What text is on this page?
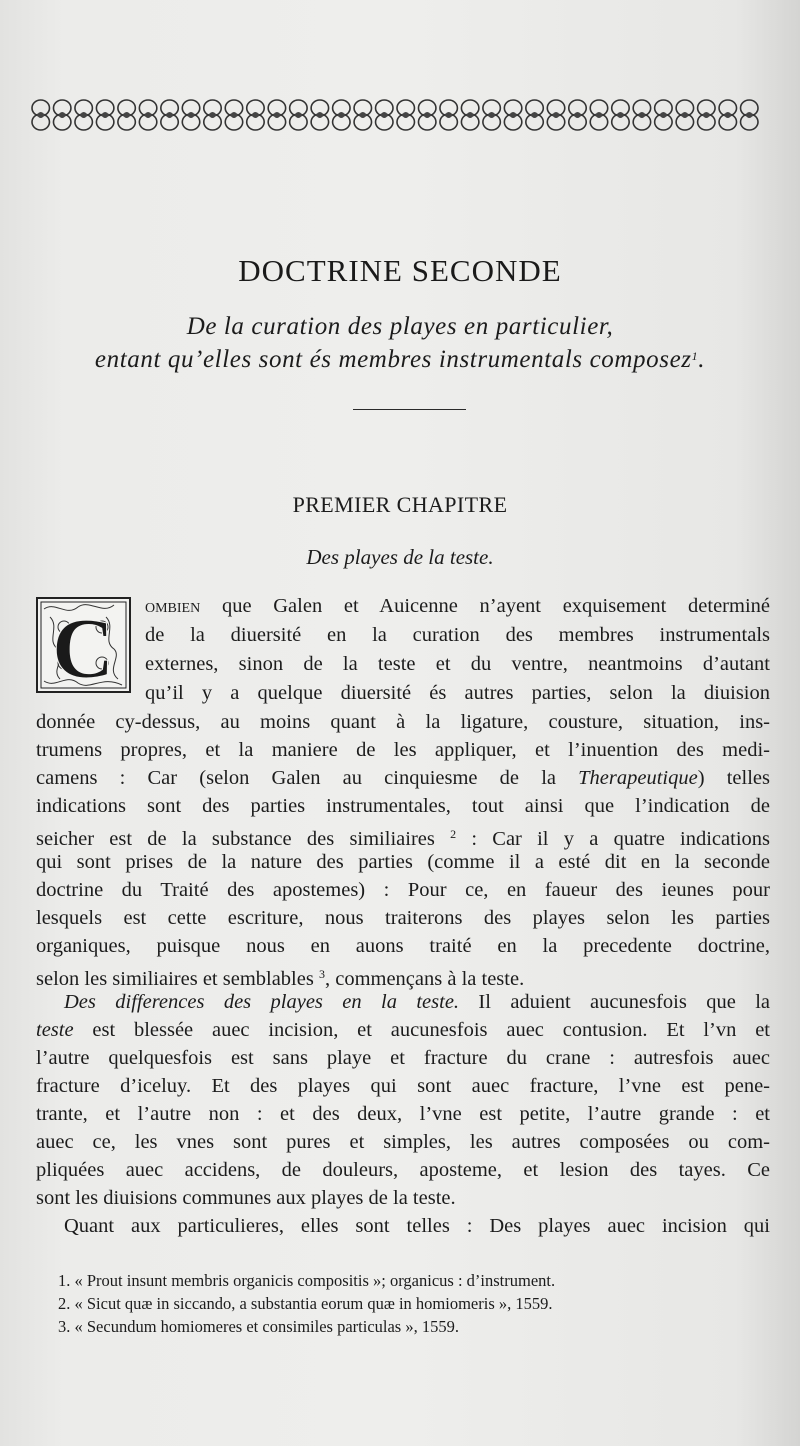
DOCTRINE SECONDE
De la curation des playes en particulier,
entant qu’elles sont és membres instrumentals composez$^1$.
PREMIER CHAPITRE
Des playes de la teste.
C ombien que Galen et Auicenne n’ayent exquisement determiné
de la diuersité en la curation des membres instrumentals
externes, sinon de la teste et du ventre, neantmoins d’autant
qu’il y a quelque diuersité és autres parties, selon la diuision
donnée cy-dessus, au moins quant à la ligature, cousture, situation, ins-
trumens propres, et la maniere de les appliquer, et l’inuention des medi-
camens : Car (selon Galen au cinquiesme de la Therapeutique) telles
indications sont des parties instrumentales, tout ainsi que l’indication de
seicher est de la substance des similiaires $^2$ : Car il y a quatre indications
qui sont prises de la nature des parties (comme il a esté dit en la seconde
doctrine du Traité des apostemes) : Pour ce, en faueur des ieunes pour
lesquels est cette escriture, nous traiterons des playes selon les parties
organiques, puisque nous en auons traité en la precedente doctrine,
selon les similiaires et semblables $^3$, commençans à la teste.
Des differences des playes en la teste. Il aduient aucunesfois que la
teste est blessée auec incision, et aucunesfois auec contusion. Et l’vn et
l’autre quelquesfois est sans playe et fracture du crane : autresfois auec
fracture d’iceluy. Et des playes qui sont auec fracture, l’vne est pene-
trante, et l’autre non : et des deux, l’vne est petite, l’autre grande : et
auec ce, les vnes sont pures et simples, les autres composées ou com-
pliquées auec accidens, de douleurs, aposteme, et lesion des tayes. Ce
sont les diuisions communes aux playes de la teste.
Quant aux particulieres, elles sont telles : Des playes auec incision qui
1. « Prout insunt membris organicis compositis »; organicus : d’instrument.
2. « Sicut quæ in siccando, a substantia eorum quæ in homiomeris », 1559.
3. « Secundum homiomeres et consimiles particulas », 1559.
